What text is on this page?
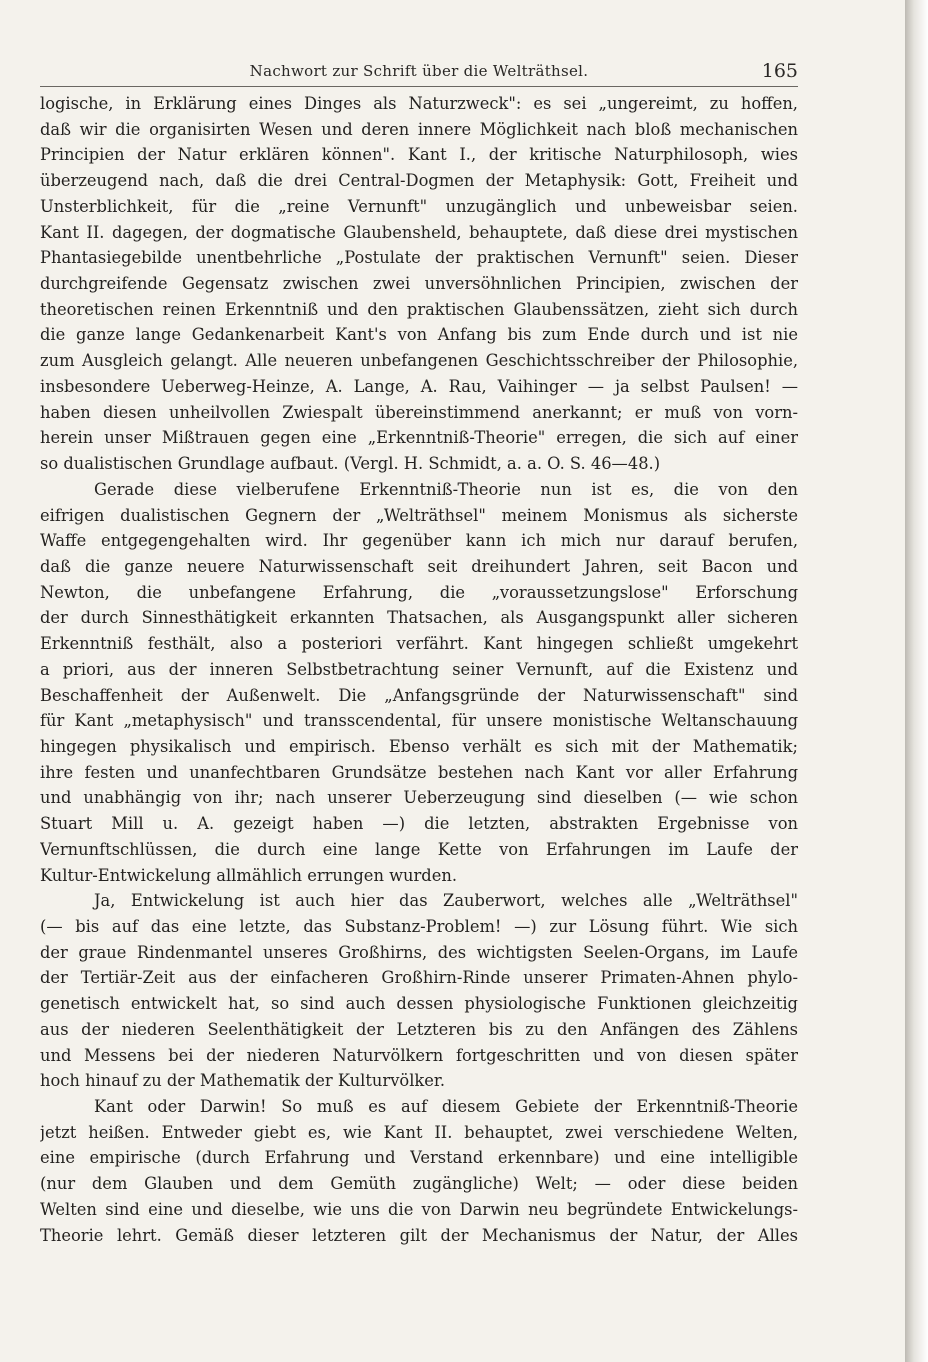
Nachwort zur Schrift über die Welträthsel.	165
logische, in Erklärung eines Dinges als Naturzweck": es sei „ungereimt, zu hoffen,
daß wir die organisirten Wesen und deren innere Möglichkeit nach bloß mechanischen
Principien der Natur erklären können". Kant I., der kritische Naturphilosoph, wies
überzeugend nach, daß die drei Central-Dogmen der Metaphysik: Gott, Freiheit und
Unsterblichkeit, für die „reine Vernunft" unzugänglich und unbeweisbar seien.
Kant II. dagegen, der dogmatische Glaubensheld, behauptete, daß diese drei mystischen
Phantasiegebilde unentbehrliche „Postulate der praktischen Vernunft" seien. Dieser
durchgreifende Gegensatz zwischen zwei unversöhnlichen Principien, zwischen der
theoretischen reinen Erkenntniß und den praktischen Glaubenssätzen, zieht sich durch
die ganze lange Gedankenarbeit Kant's von Anfang bis zum Ende durch und ist nie
zum Ausgleich gelangt. Alle neueren unbefangenen Geschichtsschreiber der Philosophie,
insbesondere Ueberweg-Heinze, A. Lange, A. Rau, Vaihinger — ja selbst Paulsen! —
haben diesen unheilvollen Zwiespalt übereinstimmend anerkannt; er muß von vorn-
herein unser Mißtrauen gegen eine „Erkenntniß-Theorie" erregen, die sich auf einer
so dualistischen Grundlage aufbaut. (Vergl. H. Schmidt, a. a. O. S. 46—48.)
Gerade diese vielberufene Erkenntniß-Theorie nun ist es, die von den
eifrigen dualistischen Gegnern der „Welträthsel" meinem Monismus als sicherste
Waffe entgegengehalten wird. Ihr gegenüber kann ich mich nur darauf berufen,
daß die ganze neuere Naturwissenschaft seit dreihundert Jahren, seit Bacon und
Newton, die unbefangene Erfahrung, die „voraussetzungslose" Erforschung
der durch Sinnesthätigkeit erkannten Thatsachen, als Ausgangspunkt aller sicheren
Erkenntniß festhält, also a posteriori verfährt. Kant hingegen schließt umgekehrt
a priori, aus der inneren Selbstbetrachtung seiner Vernunft, auf die Existenz und
Beschaffenheit der Außenwelt. Die „Anfangsgründe der Naturwissenschaft" sind
für Kant „metaphysisch" und transscendental, für unsere monistische Weltanschauung
hingegen physikalisch und empirisch. Ebenso verhält es sich mit der Mathematik;
ihre festen und unanfechtbaren Grundsätze bestehen nach Kant vor aller Erfahrung
und unabhängig von ihr; nach unserer Ueberzeugung sind dieselben (— wie schon
Stuart Mill u. A. gezeigt haben —) die letzten, abstrakten Ergebnisse von
Vernunftschlüssen, die durch eine lange Kette von Erfahrungen im Laufe der
Kultur-Entwickelung allmählich errungen wurden.
Ja, Entwickelung ist auch hier das Zauberwort, welches alle „Welträthsel"
(— bis auf das eine letzte, das Substanz-Problem! —) zur Lösung führt. Wie sich
der graue Rindenmantel unseres Großhirns, des wichtigsten Seelen-Organs, im Laufe
der Tertiär-Zeit aus der einfacheren Großhirn-Rinde unserer Primaten-Ahnen phylo-
genetisch entwickelt hat, so sind auch dessen physiologische Funktionen gleichzeitig
aus der niederen Seelenthätigkeit der Letzteren bis zu den Anfängen des Zählens
und Messens bei der niederen Naturvölkern fortgeschritten und von diesen später
hoch hinauf zu der Mathematik der Kulturvölker.
Kant oder Darwin! So muß es auf diesem Gebiete der Erkenntniß-Theorie
jetzt heißen. Entweder giebt es, wie Kant II. behauptet, zwei verschiedene Welten,
eine empirische (durch Erfahrung und Verstand erkennbare) und eine intelligible
(nur dem Glauben und dem Gemüth zugängliche) Welt; — oder diese beiden
Welten sind eine und dieselbe, wie uns die von Darwin neu begründete Entwickelungs-
Theorie lehrt. Gemäß dieser letzteren gilt der Mechanismus der Natur, der Alles
